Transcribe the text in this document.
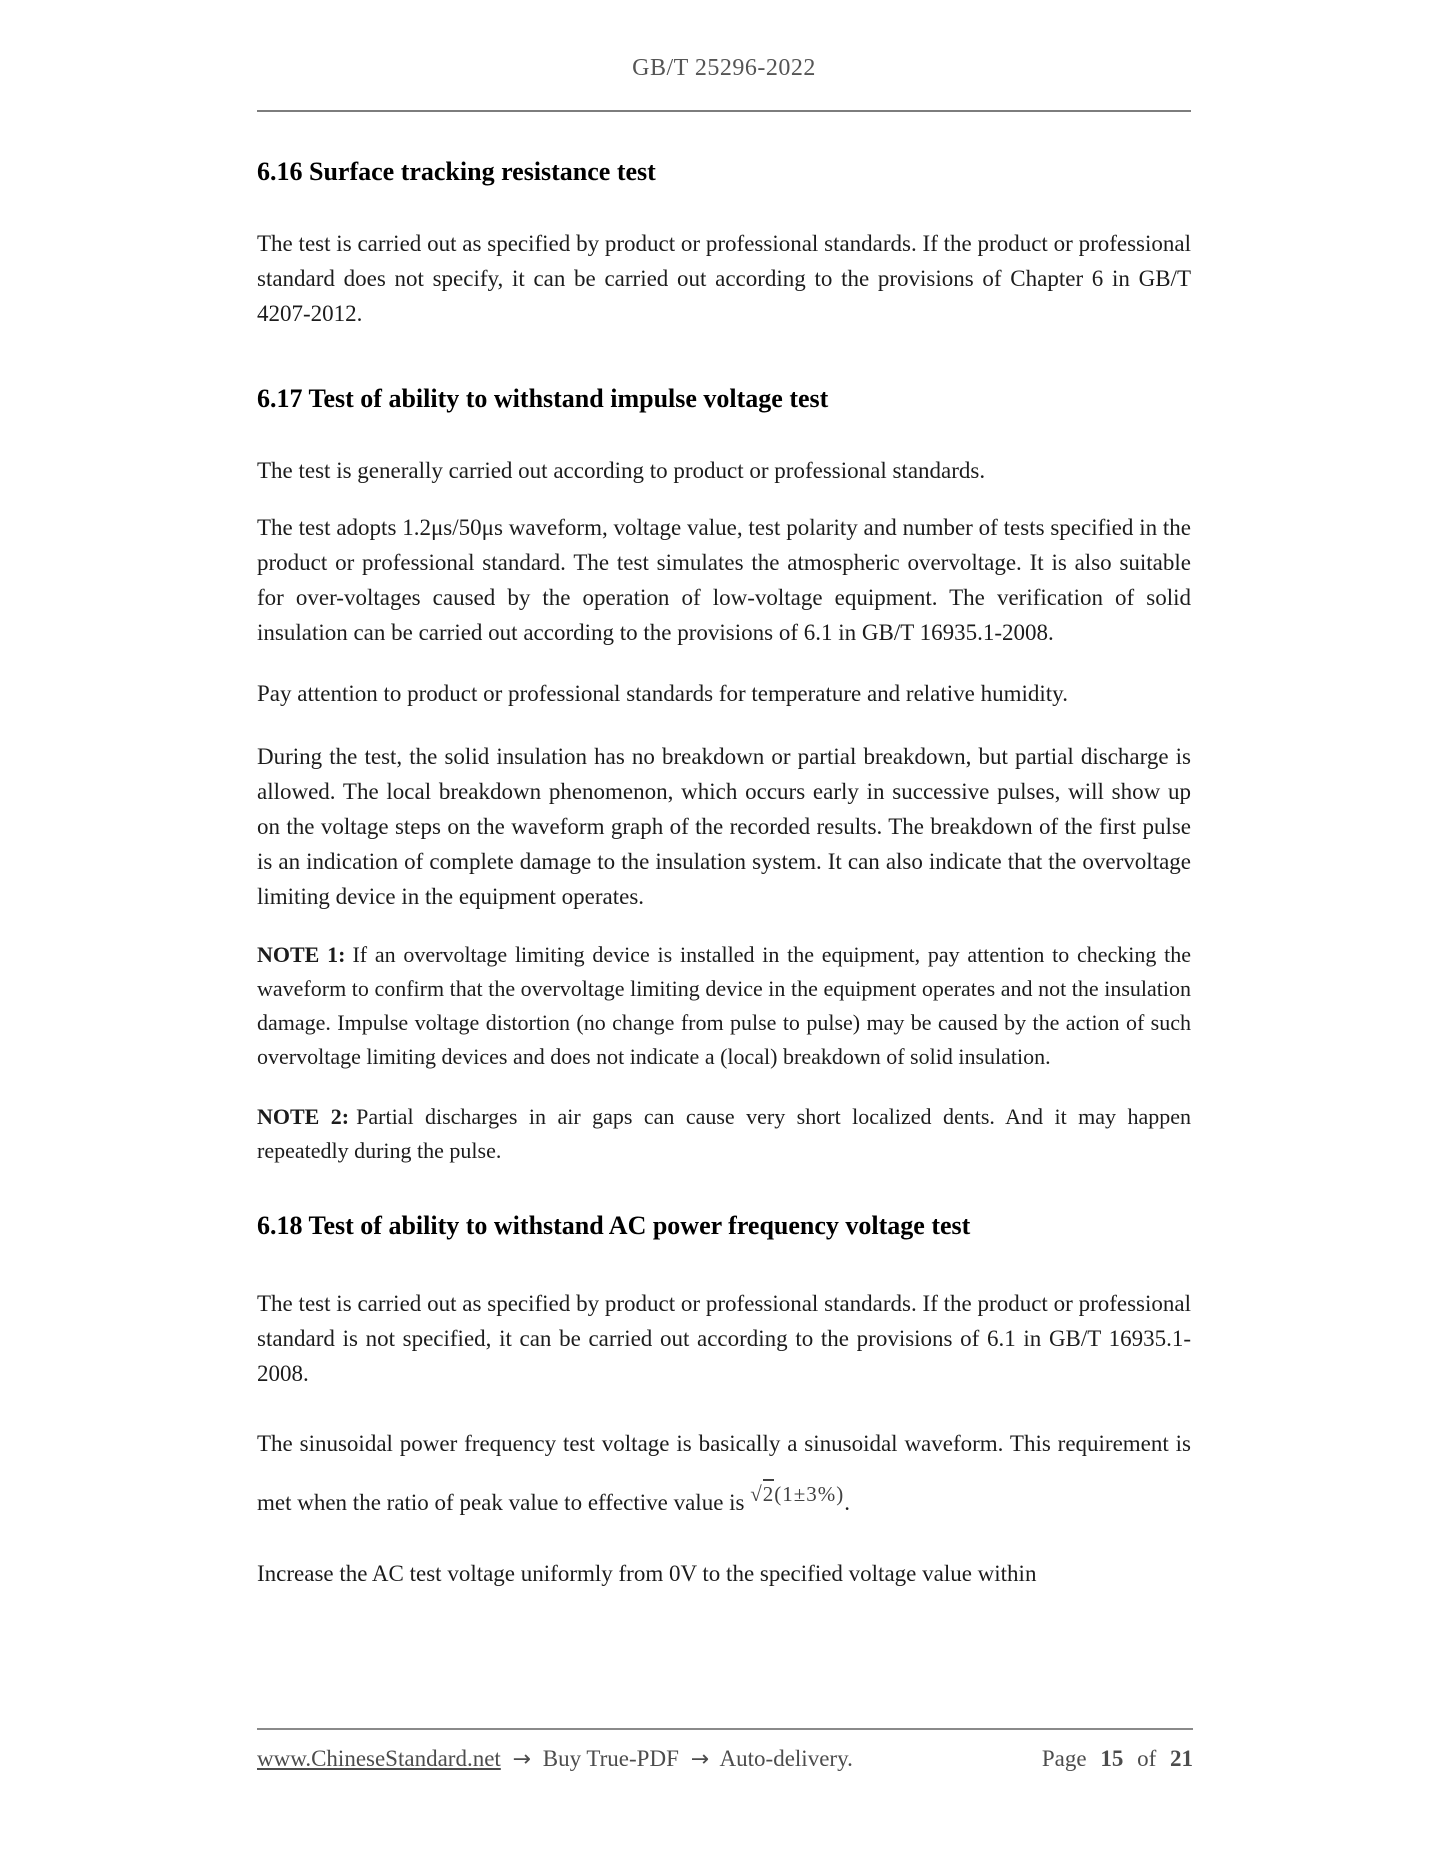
GB/T 25296-2022
6.16 Surface tracking resistance test

The test is carried out as specified by product or professional standards. If the product or professional standard does not specify, it can be carried out according to the provisions of Chapter 6 in GB/T 4207-2012.

6.17 Test of ability to withstand impulse voltage test

The test is generally carried out according to product or professional standards.

The test adopts 1.2μs/50μs waveform, voltage value, test polarity and number of tests specified in the product or professional standard. The test simulates the atmospheric overvoltage. It is also suitable for over-voltages caused by the operation of low-voltage equipment. The verification of solid insulation can be carried out according to the provisions of 6.1 in GB/T 16935.1-2008.

Pay attention to product or professional standards for temperature and relative humidity.

During the test, the solid insulation has no breakdown or partial breakdown, but partial discharge is allowed. The local breakdown phenomenon, which occurs early in successive pulses, will show up on the voltage steps on the waveform graph of the recorded results. The breakdown of the first pulse is an indication of complete damage to the insulation system. It can also indicate that the overvoltage limiting device in the equipment operates.

NOTE 1: If an overvoltage limiting device is installed in the equipment, pay attention to checking the waveform to confirm that the overvoltage limiting device in the equipment operates and not the insulation damage. Impulse voltage distortion (no change from pulse to pulse) may be caused by the action of such overvoltage limiting devices and does not indicate a (local) breakdown of solid insulation.

NOTE 2: Partial discharges in air gaps can cause very short localized dents. And it may happen repeatedly during the pulse.

6.18 Test of ability to withstand AC power frequency voltage test

The test is carried out as specified by product or professional standards. If the product or professional standard is not specified, it can be carried out according to the provisions of 6.1 in GB/T 16935.1-2008.

The sinusoidal power frequency test voltage is basically a sinusoidal waveform. This requirement is met when the ratio of peak value to effective value is √2(1±3%).

Increase the AC test voltage uniformly from 0V to the specified voltage value within

www.ChineseStandard.net → Buy True-PDF → Auto-delivery.	Page 15 of 21
